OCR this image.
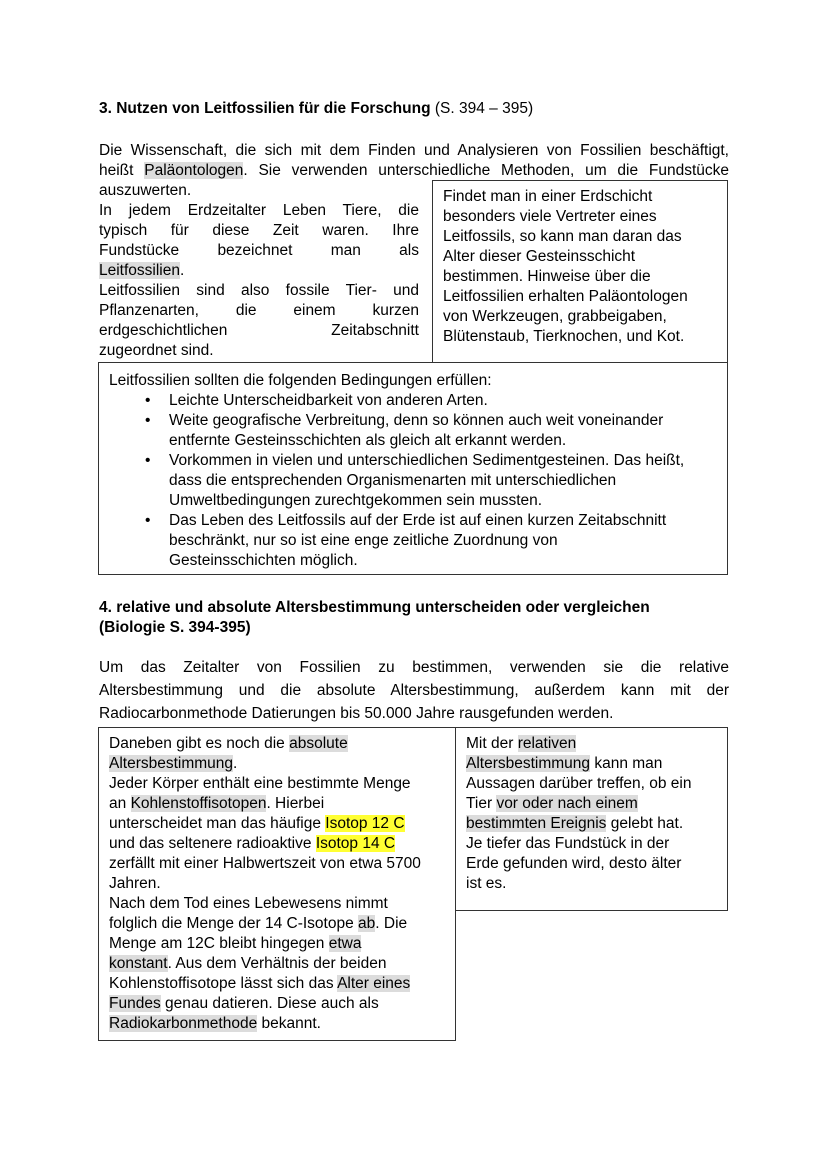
3. Nutzen von Leitfossilien für die Forschung (S. 394 – 395)
Die Wissenschaft, die sich mit dem Finden und Analysieren von Fossilien beschäftigt,
heißt Paläontologen. Sie verwenden unterschiedliche Methoden, um die Fundstücke
auszuwerten.
In jedem Erdzeitalter Leben Tiere, die
typisch für diese Zeit waren. Ihre
Fundstücke bezeichnet man als
Leitfossilien.
Leitfossilien sind also fossile Tier- und
Pflanzenarten, die einem kurzen
erdgeschichtlichen Zeitabschnitt
zugeordnet sind.
Findet man in einer Erdschicht
besonders viele Vertreter eines
Leitfossils, so kann man daran das
Alter dieser Gesteinsschicht
bestimmen. Hinweise über die
Leitfossilien erhalten Paläontologen
von Werkzeugen, grabbeigaben,
Blütenstaub, Tierknochen, und Kot.
Leitfossilien sollten die folgenden Bedingungen erfüllen:
• Leichte Unterscheidbarkeit von anderen Arten.
• Weite geografische Verbreitung, denn so können auch weit voneinander
entfernte Gesteinsschichten als gleich alt erkannt werden.
• Vorkommen in vielen und unterschiedlichen Sedimentgesteinen. Das heißt,
dass die entsprechenden Organismenarten mit unterschiedlichen
Umweltbedingungen zurechtgekommen sein mussten.
• Das Leben des Leitfossils auf der Erde ist auf einen kurzen Zeitabschnitt
beschränkt, nur so ist eine enge zeitliche Zuordnung von
Gesteinsschichten möglich.
4. relative und absolute Altersbestimmung unterscheiden oder vergleichen
(Biologie S. 394-395)
Um das Zeitalter von Fossilien zu bestimmen, verwenden sie die relative
Altersbestimmung und die absolute Altersbestimmung, außerdem kann mit der
Radiocarbonmethode Datierungen bis 50.000 Jahre rausgefunden werden.
Daneben gibt es noch die absolute
Altersbestimmung.
Jeder Körper enthält eine bestimmte Menge
an Kohlenstoffisotopen. Hierbei
unterscheidet man das häufige Isotop 12 C
und das seltenere radioaktive Isotop 14 C
zerfällt mit einer Halbwertszeit von etwa 5700
Jahren.
Nach dem Tod eines Lebewesens nimmt
folglich die Menge der 14 C-Isotope ab. Die
Menge am 12C bleibt hingegen etwa
konstant. Aus dem Verhältnis der beiden
Kohlenstoffisotope lässt sich das Alter eines
Fundes genau datieren. Diese auch als
Radiokarbonmethode bekannt.
Mit der relativen
Altersbestimmung kann man
Aussagen darüber treffen, ob ein
Tier vor oder nach einem
bestimmten Ereignis gelebt hat.
Je tiefer das Fundstück in der
Erde gefunden wird, desto älter
ist es.
